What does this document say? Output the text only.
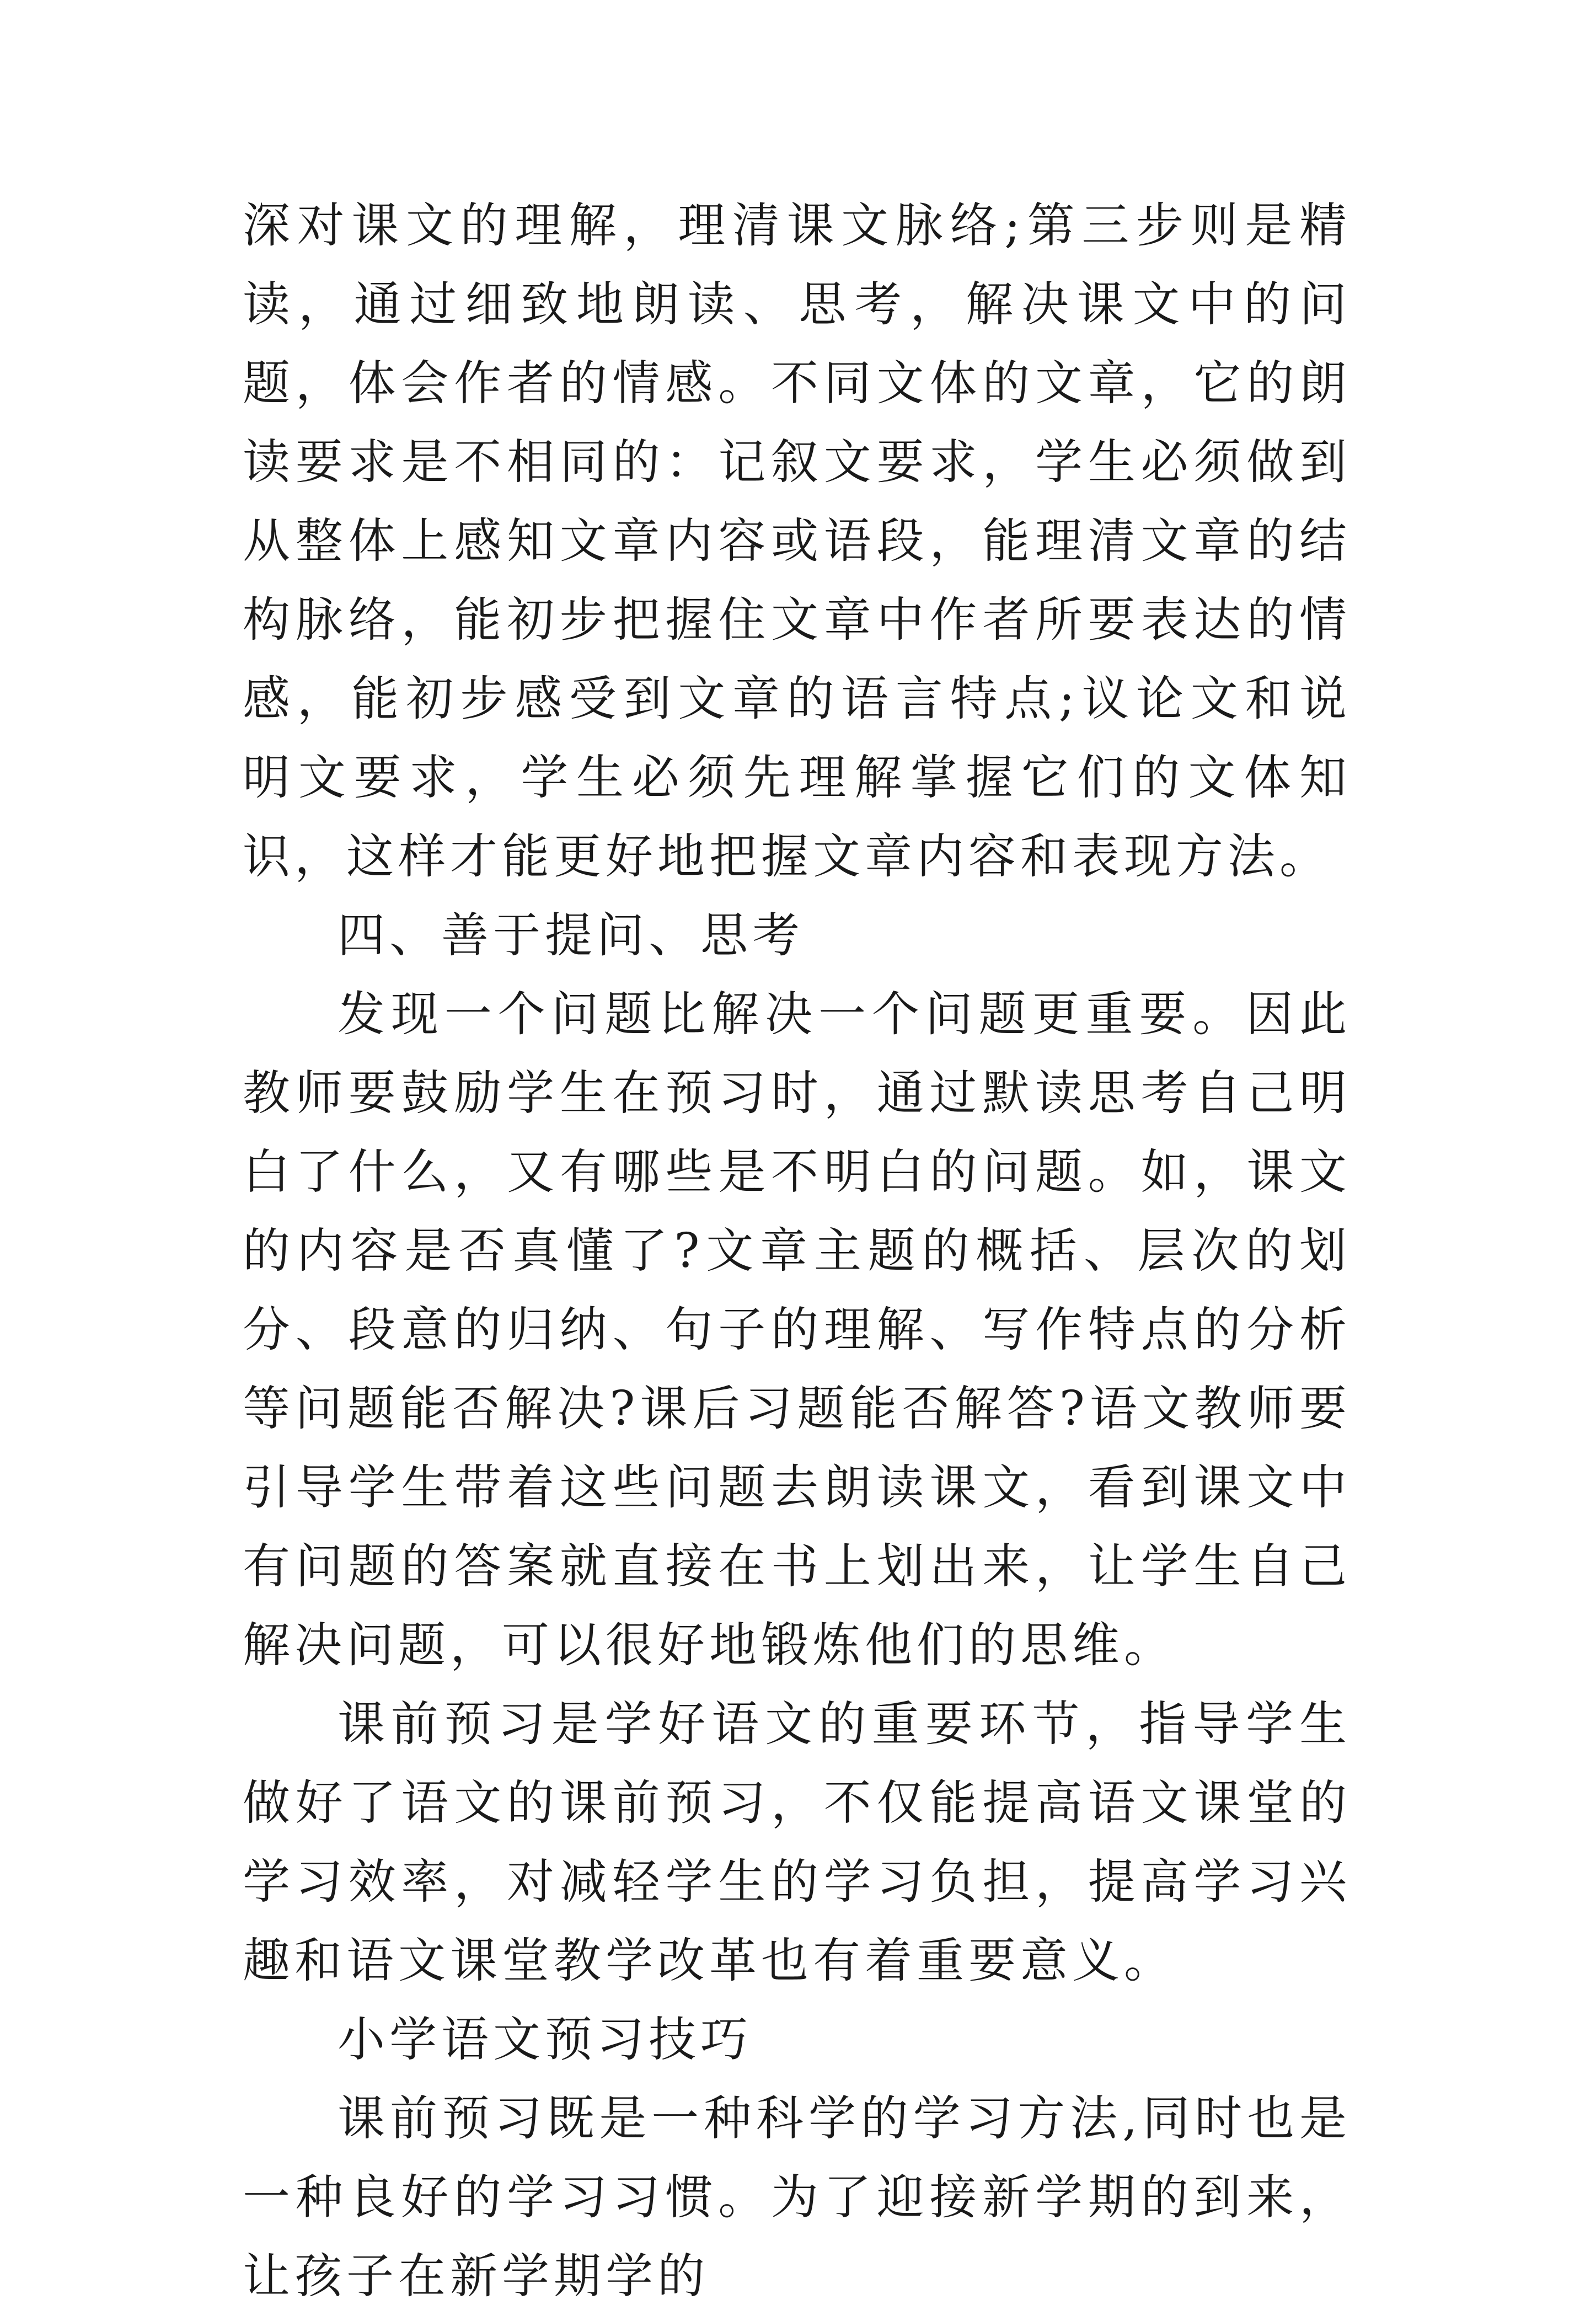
深对课文的理解，理清课文脉络;第三步则是精读，通过细致地朗读、思考，解决课文中的问题，体会作者的情感。不同文体的文章，它的朗读要求是不相同的：记叙文要求，学生必须做到从整体上感知文章内容或语段，能理清文章的结构脉络，能初步把握住文章中作者所要表达的情感，能初步感受到文章的语言特点;议论文和说明文要求，学生必须先理解掌握它们的文体知识，这样才能更好地把握文章内容和表现方法。

四、善于提问、思考

发现一个问题比解决一个问题更重要。因此教师要鼓励学生在预习时，通过默读思考自己明白了什么，又有哪些是不明白的问题。如，课文的内容是否真懂了?文章主题的概括、层次的划分、段意的归纳、句子的理解、写作特点的分析等问题能否解决?课后习题能否解答?语文教师要引导学生带着这些问题去朗读课文，看到课文中有问题的答案就直接在书上划出来，让学生自己解决问题，可以很好地锻炼他们的思维。

课前预习是学好语文的重要环节，指导学生做好了语文的课前预习，不仅能提高语文课堂的学习效率，对减轻学生的学习负担，提高学习兴趣和语文课堂教学改革也有着重要意义。

小学语文预习技巧

课前预习既是一种科学的学习方法,同时也是一种良好的学习习惯。为了迎接新学期的到来，让孩子在新学期学的
